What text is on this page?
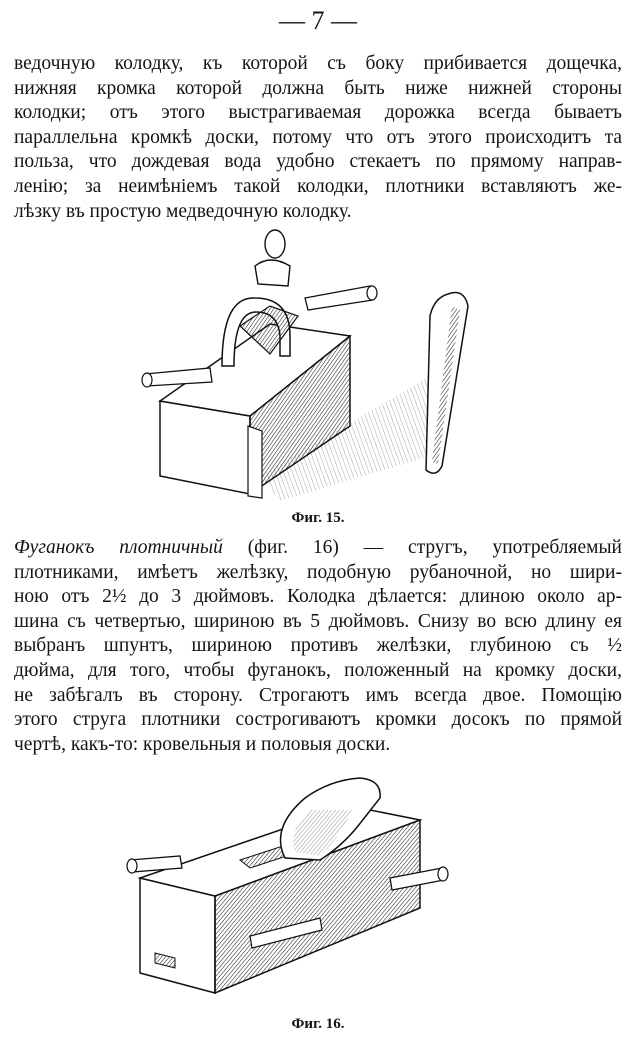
— 7 —

ведочную колодку, къ которой съ боку прибивается дощечка,
нижняя кромка которой должна быть ниже нижней стороны
колодки; отъ этого выстрагиваемая дорожка всегда бываетъ
параллельна кромкѣ доски, потому что отъ этого происходитъ та
польза, что дождевая вода удобно стекаетъ по прямому направ-
ленію; за неимѣніемъ такой колодки, плотники вставляютъ же-
лѣзку въ простую медведочную колодку.

Фиг. 15.

Фуганокъ плотничный (фиг. 16) — стругъ, употребляемый
плотниками, имѣетъ желѣзку, подобную рубаночной, но шири-
ною отъ 2½ до 3 дюймовъ. Колодка дѣлается: длиною около ар-
шина съ четвертью, шириною въ 5 дюймовъ. Снизу во всю длину ея
выбранъ шпунтъ, шириною противъ желѣзки, глубиною съ ½
дюйма, для того, чтобы фуганокъ, положенный на кромку доски,
не забѣгалъ въ сторону. Строгаютъ имъ всегда двое. Помощію
этого струга плотники сострогиваютъ кромки досокъ по прямой
чертѣ, какъ-то: кровельныя и половыя доски.

Фиг. 16.
